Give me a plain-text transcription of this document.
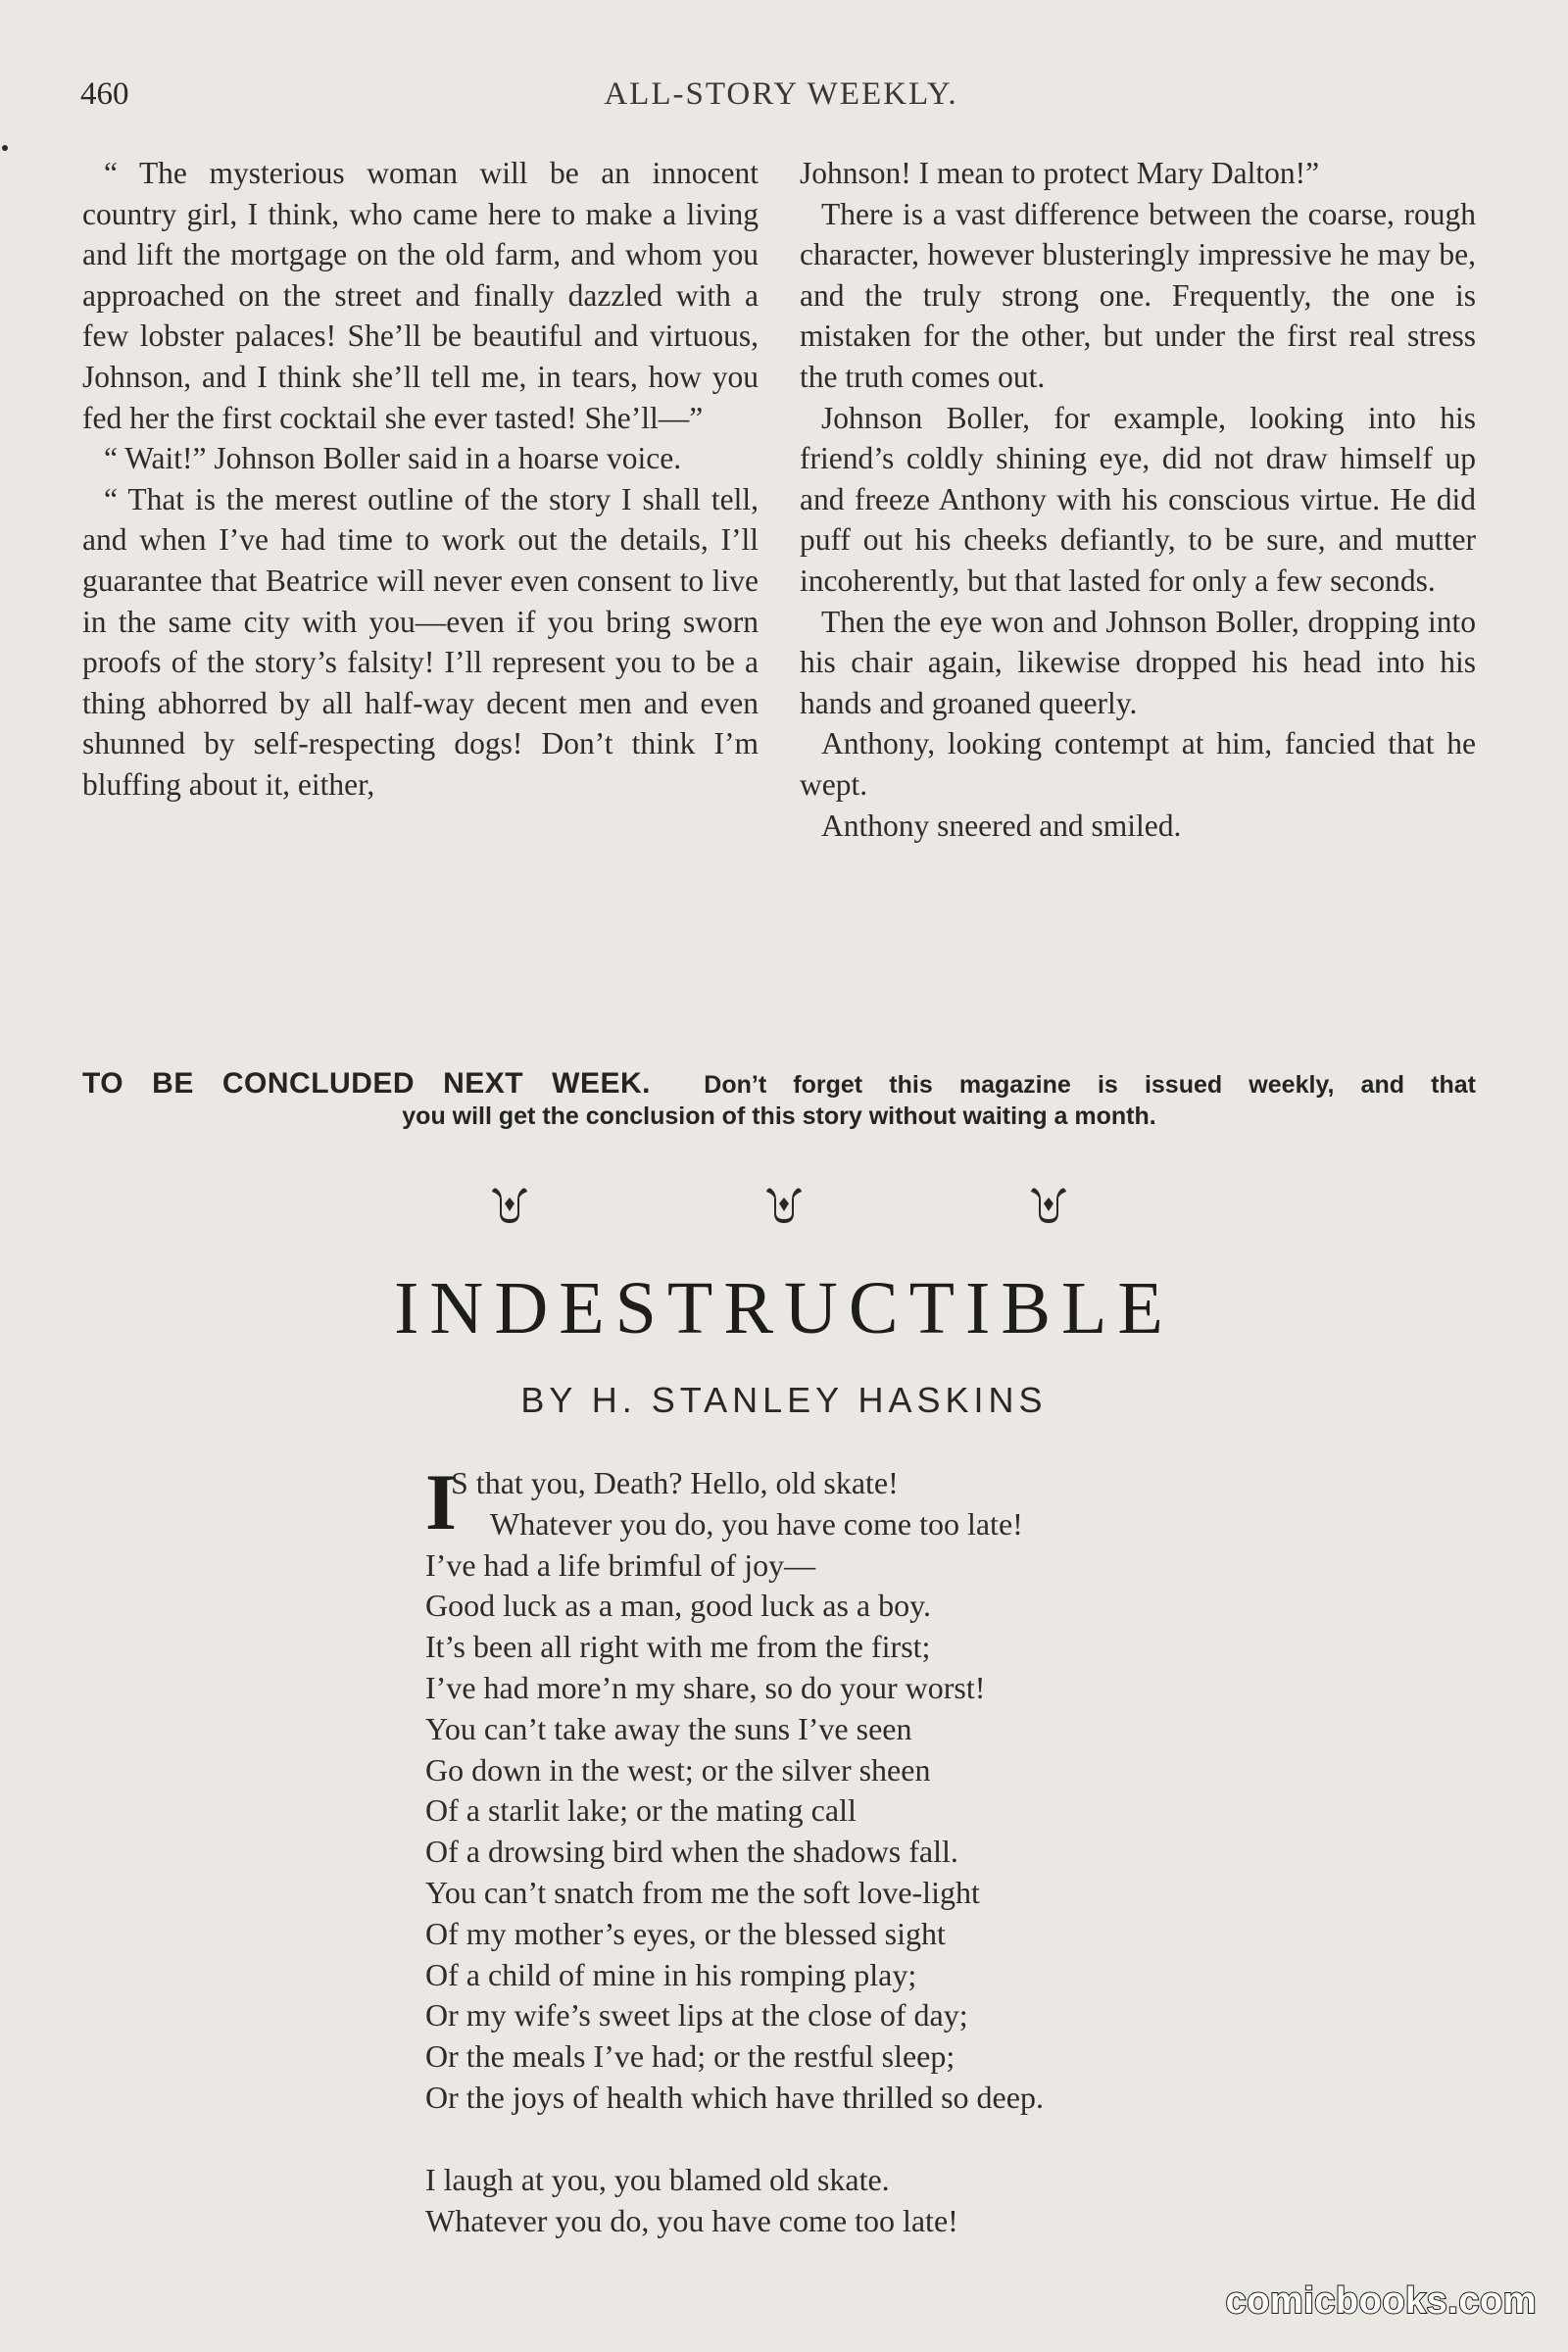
460	ALL-STORY WEEKLY.

“ The mysterious woman will be an innocent country girl, I think, who came here to make a living and lift the mortgage on the old farm, and whom you approached on the street and finally dazzled with a few lobster palaces! She’ll be beautiful and virtuous, Johnson, and I think she’ll tell me, in tears, how you fed her the first cocktail she ever tasted! She’ll—”

“ Wait!” Johnson Boller said in a hoarse voice.

“ That is the merest outline of the story I shall tell, and when I’ve had time to work out the details, I’ll guarantee that Beatrice will never even consent to live in the same city with you—even if you bring sworn proofs of the story’s falsity! I’ll represent you to be a thing abhorred by all half-way decent men and even shunned by self-respecting dogs! Don’t think I’m bluffing about it, either,

Johnson! I mean to protect Mary Dalton!”

There is a vast difference between the coarse, rough character, however blusteringly impressive he may be, and the truly strong one. Frequently, the one is mistaken for the other, but under the first real stress the truth comes out.

Johnson Boller, for example, looking into his friend’s coldly shining eye, did not draw himself up and freeze Anthony with his conscious virtue. He did puff out his cheeks defiantly, to be sure, and mutter incoherently, but that lasted for only a few seconds.

Then the eye won and Johnson Boller, dropping into his chair again, likewise dropped his head into his hands and groaned queerly.

Anthony, looking contempt at him, fancied that he wept.

Anthony sneered and smiled.

TO BE CONCLUDED NEXT WEEK. Don’t forget this magazine is issued weekly, and that
you will get the conclusion of this story without waiting a month.
INDESTRUCTIBLE
BY H. STANLEY HASKINS
I
S that you, Death? Hello, old skate!
Whatever you do, you have come too late!
I’ve had a life brimful of joy—
Good luck as a man, good luck as a boy.
It’s been all right with me from the first;
I’ve had more’n my share, so do your worst!
You can’t take away the suns I’ve seen
Go down in the west; or the silver sheen
Of a starlit lake; or the mating call
Of a drowsing bird when the shadows fall.
You can’t snatch from me the soft love-light
Of my mother’s eyes, or the blessed sight
Of a child of mine in his romping play;
Or my wife’s sweet lips at the close of day;
Or the meals I’ve had; or the restful sleep;
Or the joys of health which have thrilled so deep.
I laugh at you, you blamed old skate.
Whatever you do, you have come too late!
comicbooks.com
